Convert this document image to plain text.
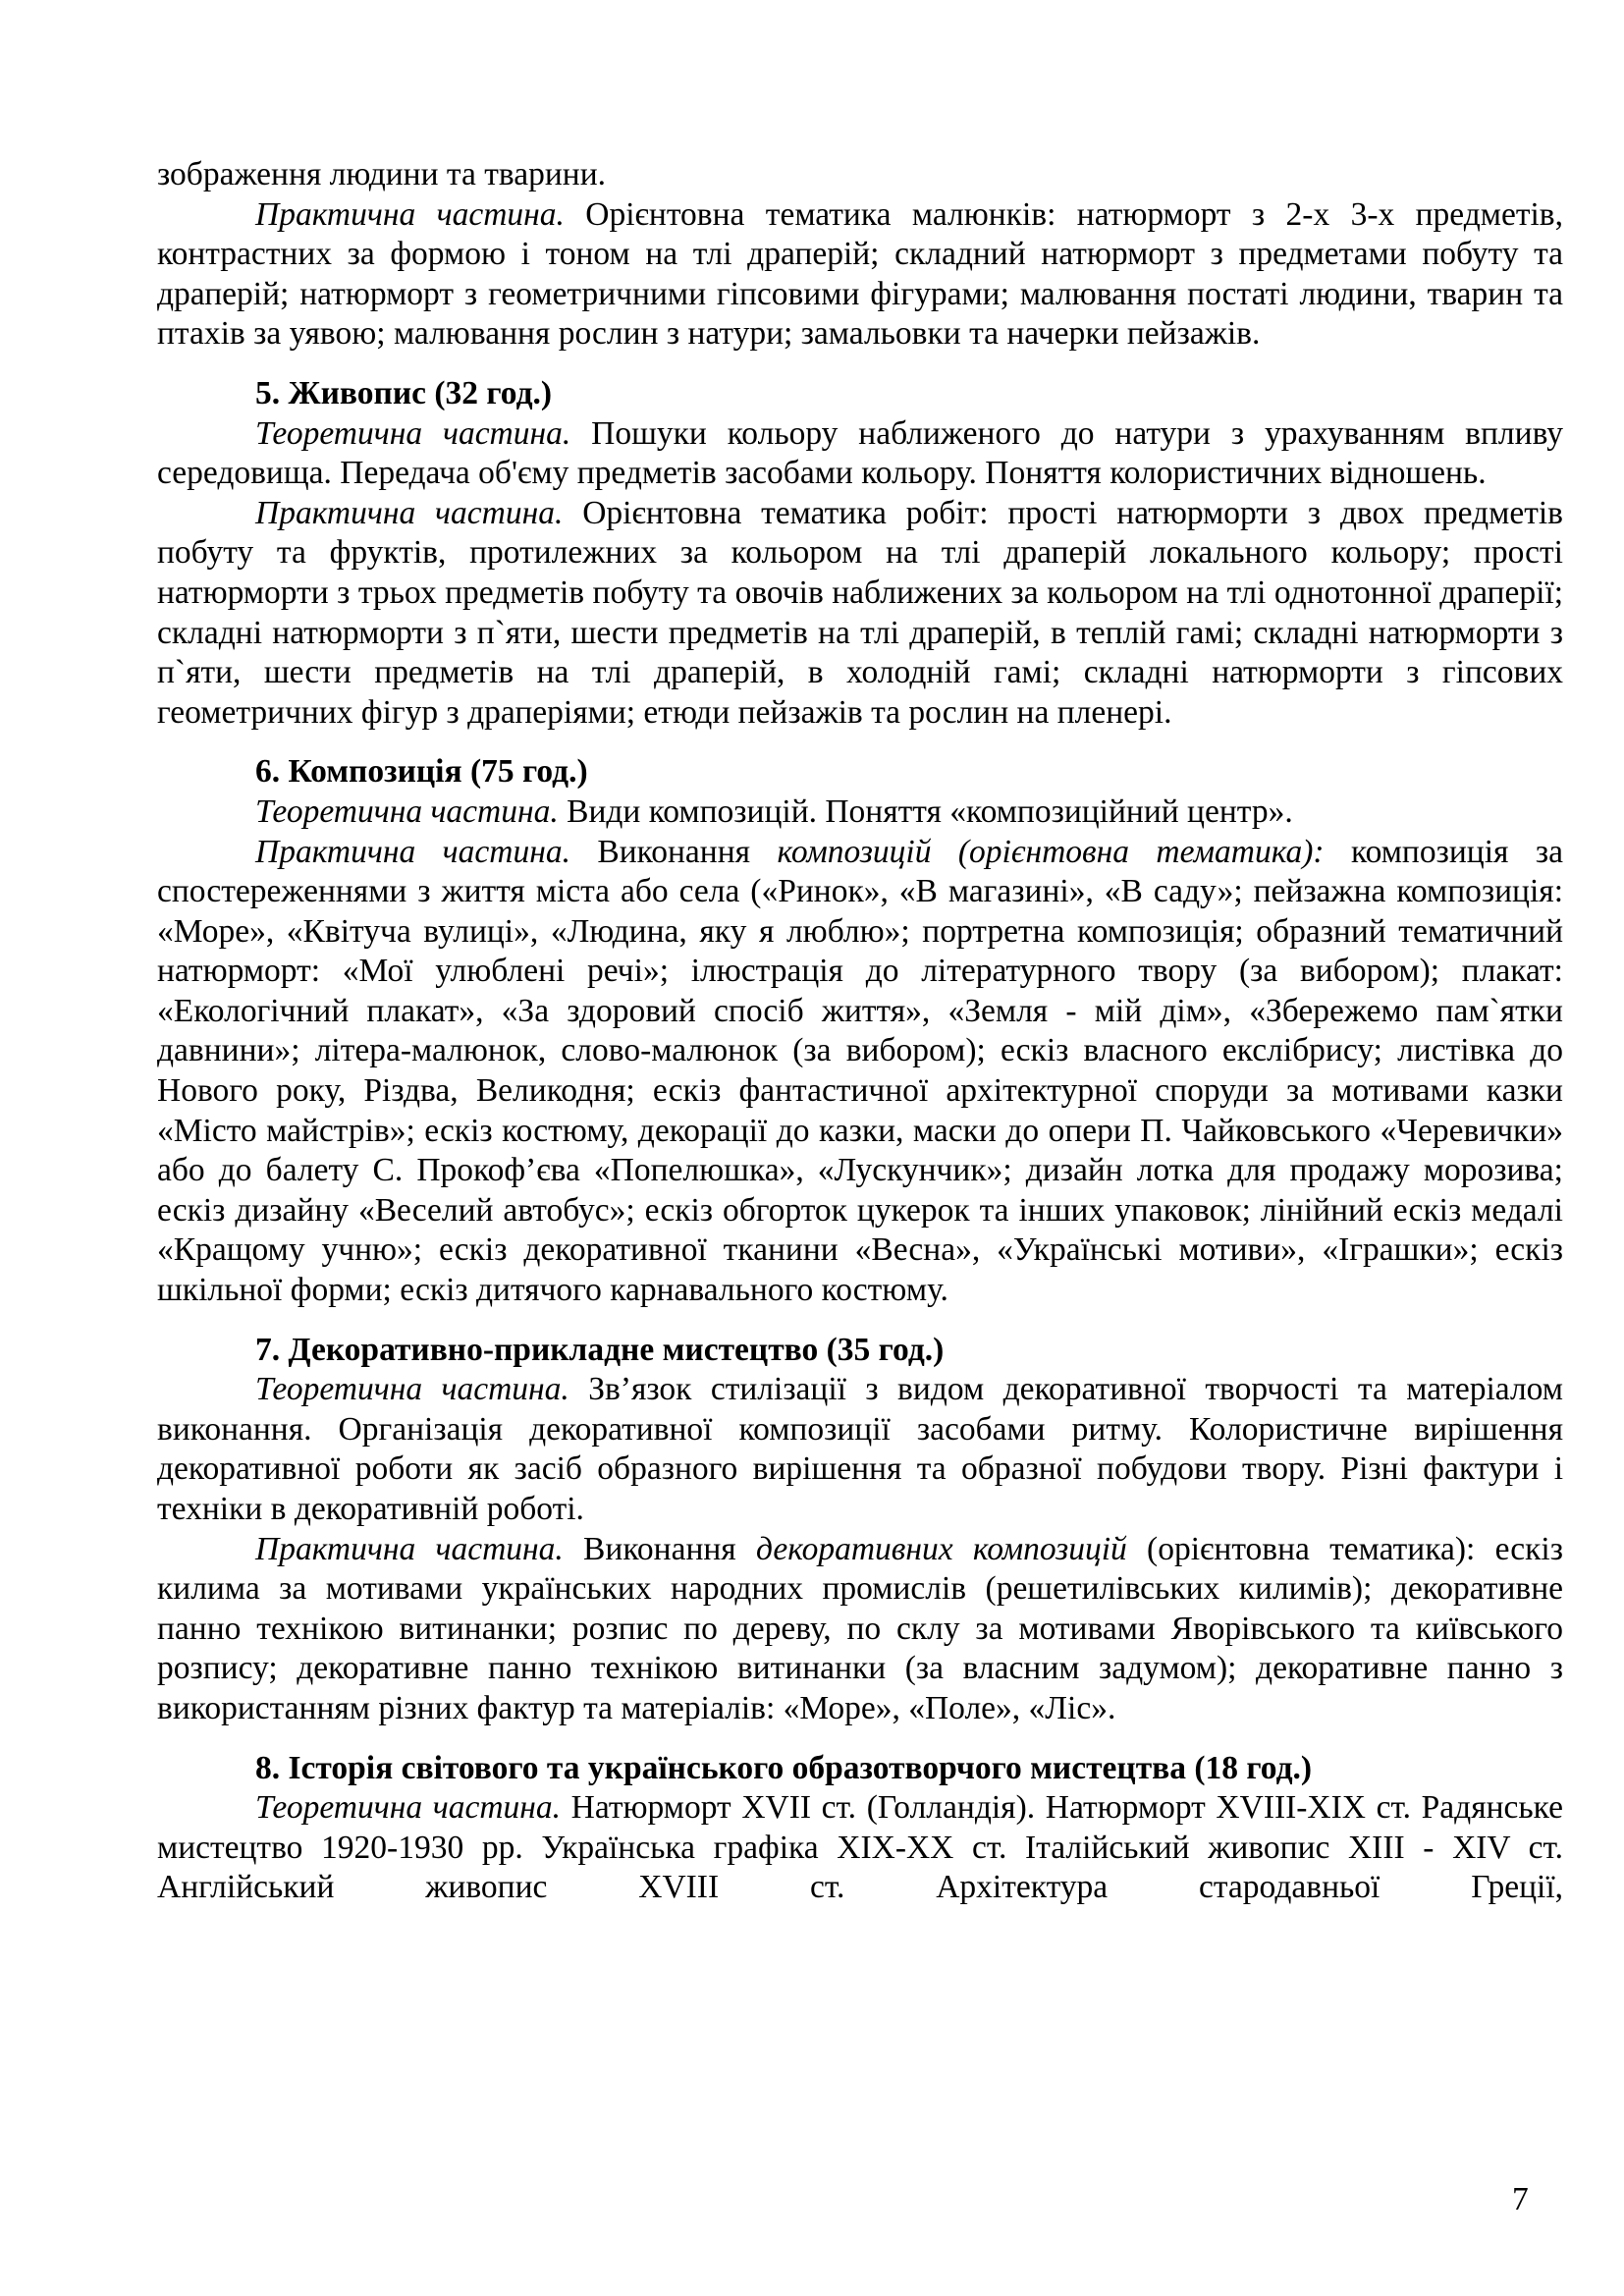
зображення людини та тварини.

Практична частина. Орієнтовна тематика малюнків: натюрморт з 2-х 3-х предметів, контрастних за формою і тоном на тлі драперій; складний натюрморт з предметами побуту та драперій; натюрморт з геометричними гіпсовими фігурами; малювання постаті людини, тварин та птахів за уявою; малювання рослин з натури; замальовки та начерки пейзажів.

5. Живопис (32 год.)

Теоретична частина. Пошуки кольору наближеного до натури з урахуванням впливу середовища. Передача об'єму предметів засобами кольору. Поняття колористичних відношень.

Практична частина. Орієнтовна тематика робіт: прості натюрморти з двох предметів побуту та фруктів, протилежних за кольором на тлі драперій локального кольору; прості натюрморти з трьох предметів побуту та овочів наближених за кольором на тлі однотонної драперії; складні натюрморти з п`яти, шести предметів на тлі драперій, в теплій гамі; складні натюрморти з п`яти, шести предметів на тлі драперій, в холодній гамі; складні натюрморти з гіпсових геометричних фігур з драперіями; етюди пейзажів та рослин на пленері.

6. Композиція (75 год.)

Теоретична частина. Види композицій. Поняття «композиційний центр».

Практична частина. Виконання композицій (орієнтовна тематика): композиція за спостереженнями з життя міста або села («Ринок», «В магазині», «В саду»; пейзажна композиція: «Море», «Квітуча вулиці», «Людина, яку я люблю»; портретна композиція; образний тематичний натюрморт: «Мої улюблені речі»; ілюстрація до літературного твору (за вибором); плакат: «Екологічний плакат», «За здоровий спосіб життя», «Земля - мій дім», «Збережемо пам`ятки давнини»; літера-малюнок, слово-малюнок (за вибором); ескіз власного екслібрису; листівка до Нового року, Різдва, Великодня; ескіз фантастичної архітектурної споруди за мотивами казки «Місто майстрів»; ескіз костюму, декорації до казки, маски до опери П. Чайковського «Черевички» або до балету С. Прокоф’єва «Попелюшка», «Лускунчик»; дизайн лотка для продажу морозива; ескіз дизайну «Веселий автобус»; ескіз обгорток цукерок та інших упаковок; лінійний ескіз медалі «Кращому учню»; ескіз декоративної тканини «Весна», «Українські мотиви», «Іграшки»; ескіз шкільної форми; ескіз дитячого карнавального костюму.

7. Декоративно-прикладне мистецтво (35 год.)

Теоретична частина. Зв’язок стилізації з видом декоративної творчості та матеріалом виконання. Організація декоративної композиції засобами ритму. Колористичне вирішення декоративної роботи як засіб образного вирішення та образної побудови твору. Різні фактури і техніки в декоративній роботі.

Практична частина. Виконання декоративних композицій (орієнтовна тематика): ескіз килима за мотивами українських народних промислів (решетилівських килимів); декоративне панно технікою витинанки; розпис по дереву, по склу за мотивами Яворівського та київського розпису; декоративне панно технікою витинанки (за власним задумом); декоративне панно з використанням різних фактур та матеріалів: «Море», «Поле», «Ліс».

8. Історія світового та українського образотворчого мистецтва (18 год.)

Теоретична частина. Натюрморт XVII ст. (Голландія). Натюрморт XVIII-XIX ст. Радянське мистецтво 1920-1930 рр. Українська графіка XIX-XX ст. Італійський живопис XIII - XIV ст. Англійський живопис XVIII ст. Архітектура стародавньої Греції,

7
